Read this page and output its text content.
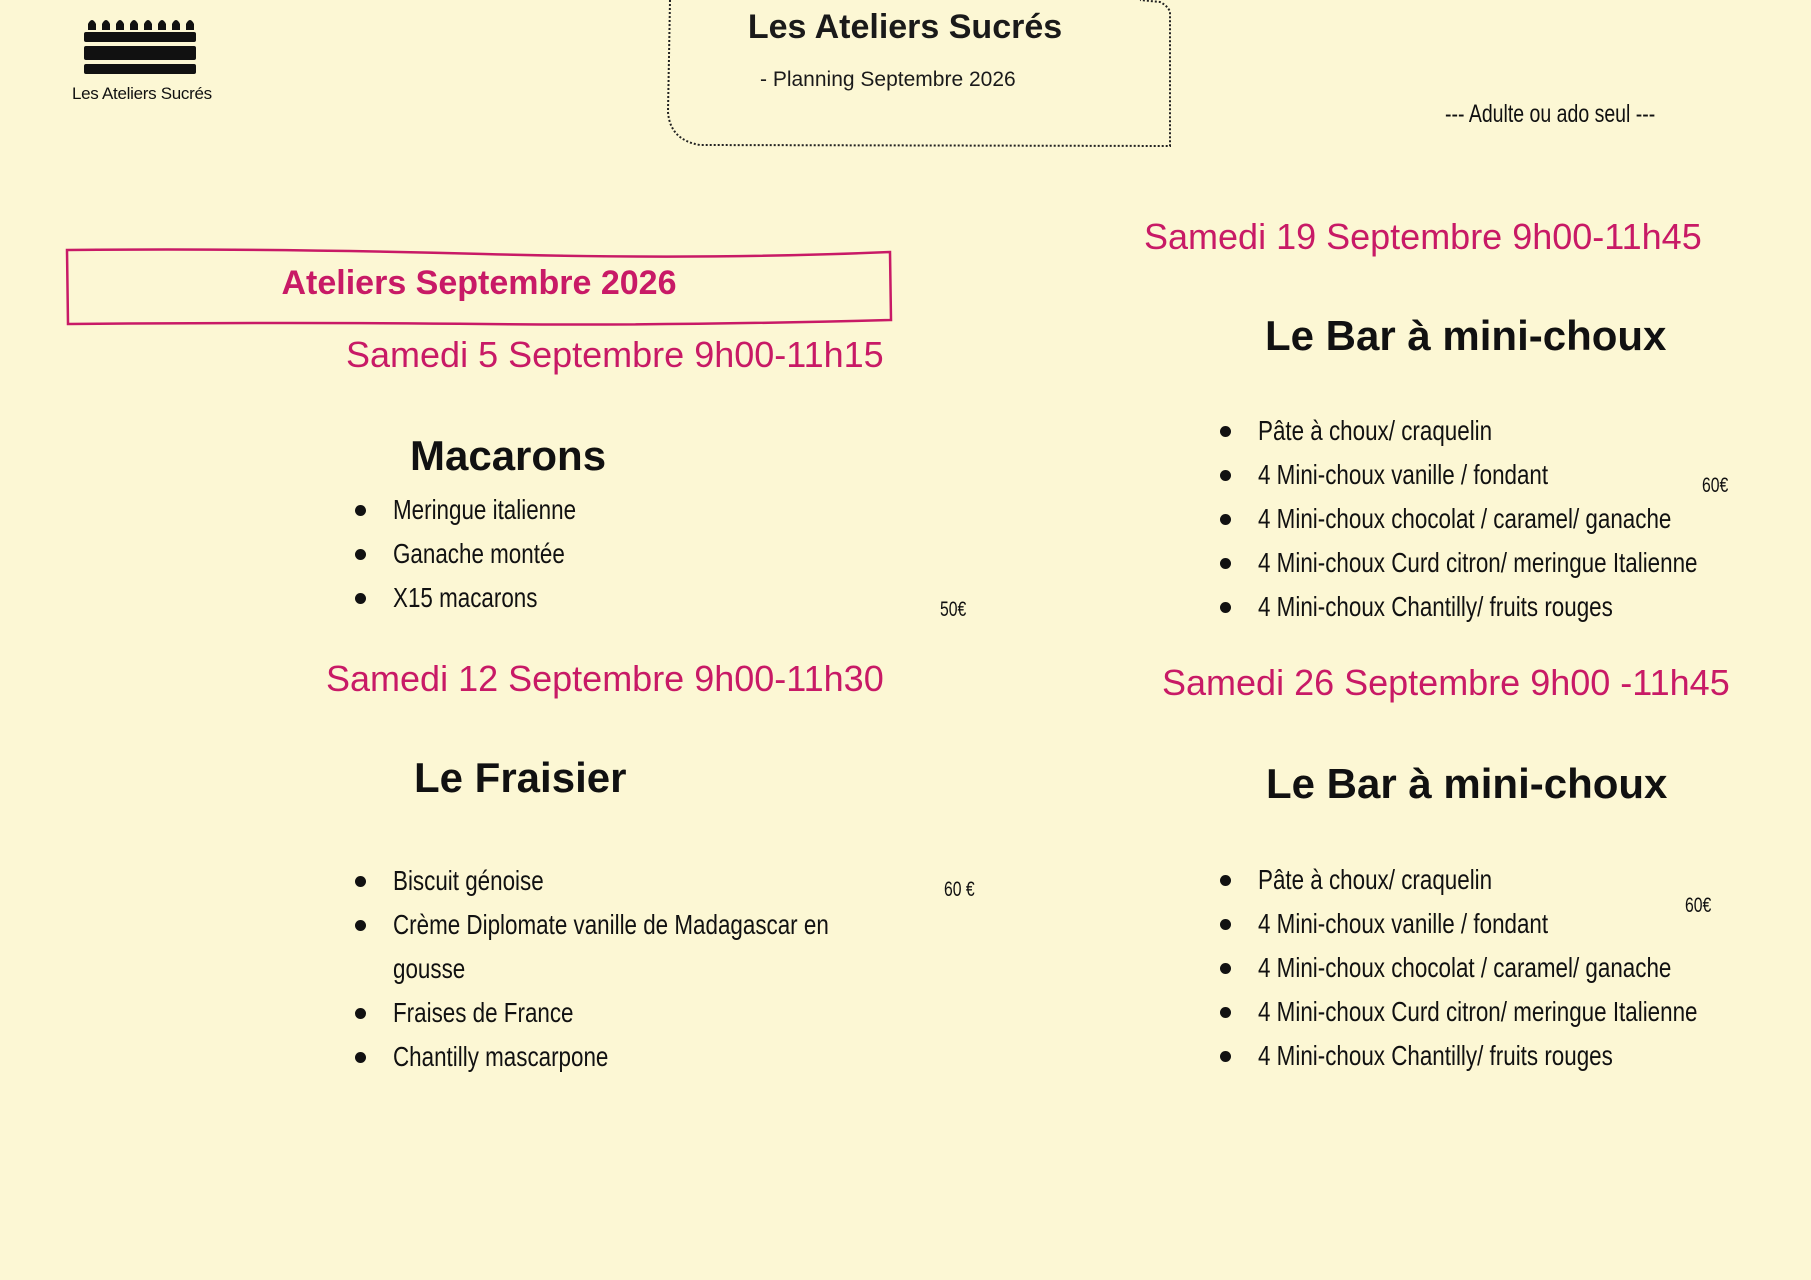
Les Ateliers Sucrés
Les Ateliers Sucrés
- Planning Septembre 2026
--- Adulte ou ado seul ---
Ateliers Septembre 2026
Samedi 5 Septembre 9h00-11h15
Macarons
Meringue italienne
Ganache montée
X15 macarons	50€
Samedi 12 Septembre 9h00-11h30
Le Fraisier
Biscuit génoise
Crème Diplomate vanille de Madagascar en
gousse
Fraises de France
Chantilly mascarpone
60 €
Samedi 19 Septembre 9h00-11h45
Le Bar à mini-choux
Pâte à choux/ craquelin
4 Mini-choux vanille / fondant
4 Mini-choux chocolat / caramel/ ganache
4 Mini-choux Curd citron/ meringue Italienne
4 Mini-choux Chantilly/ fruits rouges
60€
Samedi 26 Septembre 9h00 -11h45
Le Bar à mini-choux
Pâte à choux/ craquelin
4 Mini-choux vanille / fondant
4 Mini-choux chocolat / caramel/ ganache
4 Mini-choux Curd citron/ meringue Italienne
4 Mini-choux Chantilly/ fruits rouges
60€
